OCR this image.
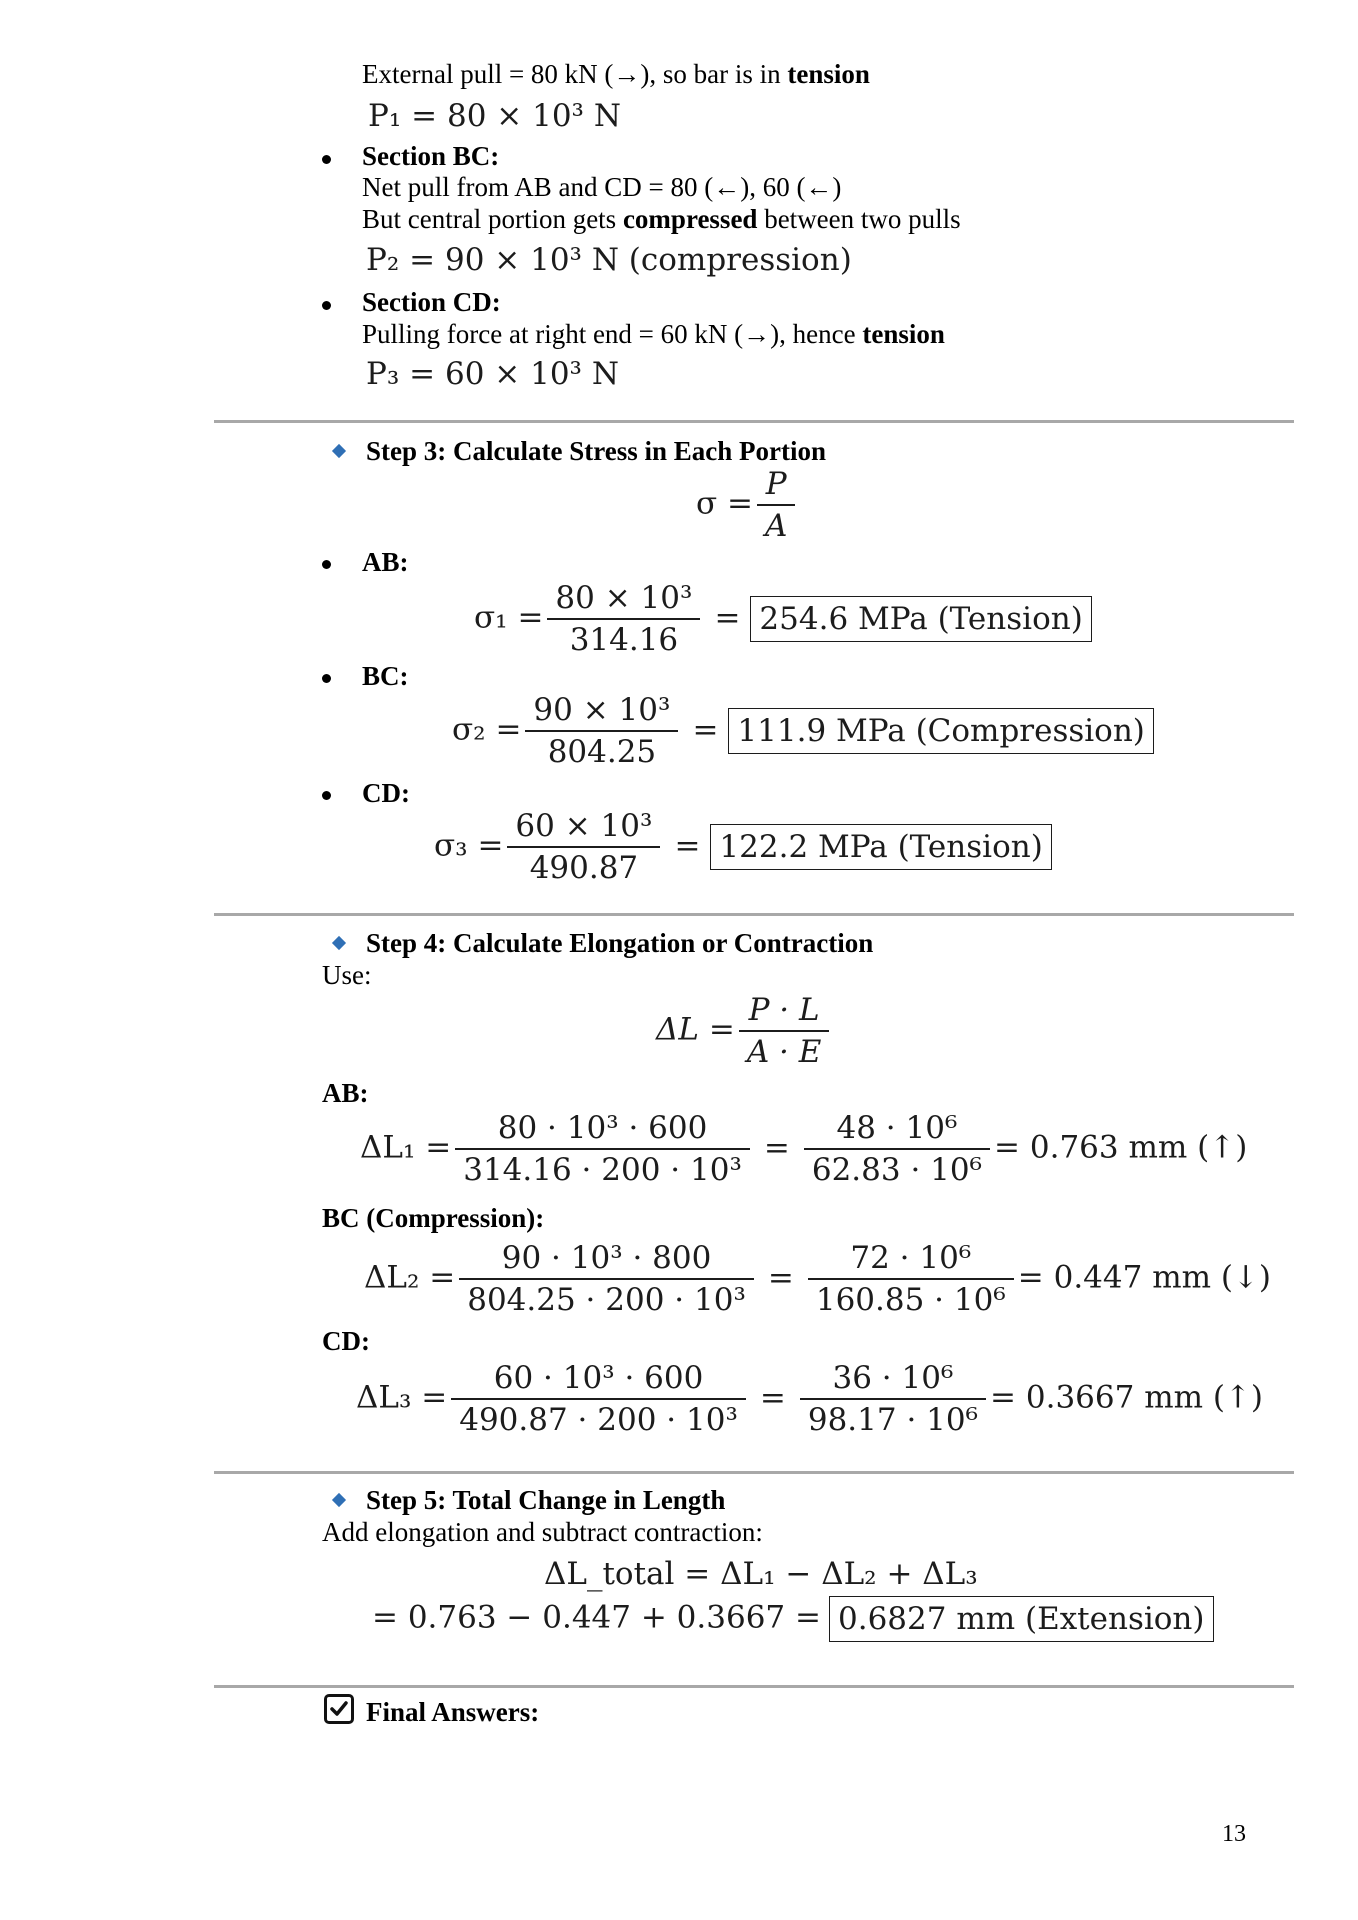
External pull = 80 kN (→), so bar is in tension
P₁ = 80 × 10³ N
Section BC:
Net pull from AB and CD = 80 (←), 60 (←)
But central portion gets compressed between two pulls
P₂ = 90 × 10³ N (compression)
Section CD:
Pulling force at right end = 60 kN (→), hence tension
P₃ = 60 × 10³ N
Step 3: Calculate Stress in Each Portion
$\sigma = \frac{P}{A}$
AB:
$\sigma_1 = \frac{\text{80 × 10³}}{314.16} = 254.6$ MPa (Tension)
BC:
$\sigma_2 = \frac{\text{90 × 10³}}{804.25} = 111.9$ MPa (Compression)
CD:
$\sigma_3 = \frac{\text{60 × 10³}}{490.87} = 122.2$ MPa (Tension)
Step 4: Calculate Elongation or Contraction
Use:
$\Delta L = \frac{P \cdot L}{A \cdot E}$
AB:
$\Delta L_1 = \frac{\text{80 · 10³ · 600}}{\text{314.16 · 200 · 10³}} = \frac{\text{48 · 10⁶}}{\text{62.83 · 10⁶}} = 0.763$ mm (↑)
BC (Compression):
$\Delta L_2 = \frac{\text{90 · 10³ · 800}}{\text{804.25 · 200 · 10³}} = \frac{\text{72 · 10⁶}}{\text{160.85 · 10⁶}} = 0.447$ mm (↓)
CD:
$\Delta L_3 = \frac{\text{60 · 10³ · 600}}{\text{490.87 · 200 · 10³}} = \frac{\text{36 · 10⁶}}{\text{98.17 · 10⁶}} = 0.3667$ mm (↑)
Step 5: Total Change in Length
Add elongation and subtract contraction:
ΔL_total = ΔL₁ − ΔL₂ + ΔL₃
= 0.763 − 0.447 + 0.3667 = 0.6827 mm (Extension)
Final Answers:
13
